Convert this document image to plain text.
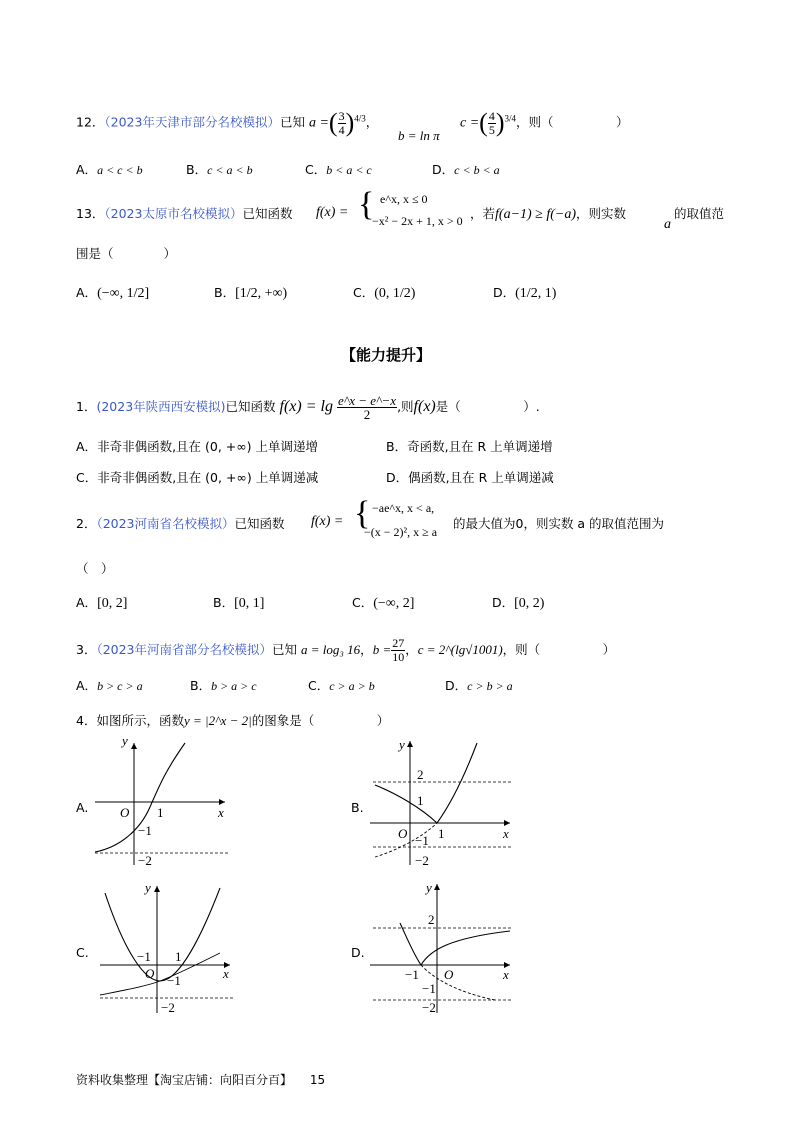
12．（2023年天津市部分名校模拟）已知 a =( $\frac{3}{4} )^{4/3}$，
b = ln π
c =( $\frac{4}{5} )^{3/4}$，则（　　　　　）
A．a < c < b	B．c < a < b	C．b < a < c	D．c < b < a
13．（2023太原市名校模拟）已知函数 f(x) = { e^x, x ≤ 0
−x² − 2x + 1, x > 0 ，若f(a−1) ≥ f(−a)，则实数
a
的取值范
围是（　　　　）
A．(−∞, 1/2]	B．[1/2, +∞)	C．(0, 1/2)	D．(1/2, 1)
【能力提升】
1．(2023年陕西西安模拟)已知函数 $f(x) = \lg \frac{e\^{}x - e\^{}-x}{2}$ ,则f(x)是（　　　　　）.
A．非奇非偶函数,且在 (0, +∞) 上单调递增	B．奇函数,且在 R 上单调递增
C．非奇非偶函数,且在 (0, +∞) 上单调递减	D．偶函数,且在 R 上单调递减
2．（2023河南省名校模拟）已知函数 f(x) = { −ae^x, x < a,
−(x − 2)², x ≥ a
的最大值为0，则实数 a 的取值范围为
（　）
A．[0, 2]	B．[0, 1]	C．(−∞, 2]	D．[0, 2)
3．（2023年河南省部分名校模拟）已知 a = log₃ 16，$b = \frac{27}{10}$ ，c = 2^(lg√1001)，则（　　　　　）
A．b > c > a	B．b > a > c	C．c > a > b	D．c > b > a
4．如图所示，函数y = |2^x − 2|的图象是（　　　　　）
A.	B.
C.	D.
y
x
O 1
−1
−2
y
x
O 1
2
1
−1
−2
y
x
O
−1 1
−1
−2
y
x
O
−1
2
−1
−2
资料收集整理【淘宝店铺：向阳百分百】 15
